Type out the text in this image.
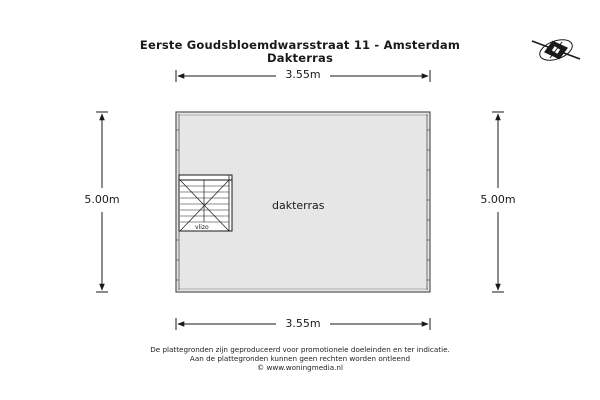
Eerste Goudsbloemdwarsstraat 11 - Amsterdam
Dakterras
3.55m
3.55m
5.00m	5.00m
dakterras
vlizo
De plattegronden zijn geproduceerd voor promotionele doeleinden en ter indicatie.
Aan de plattegronden kunnen geen rechten worden ontleend
© www.woningmedia.nl
